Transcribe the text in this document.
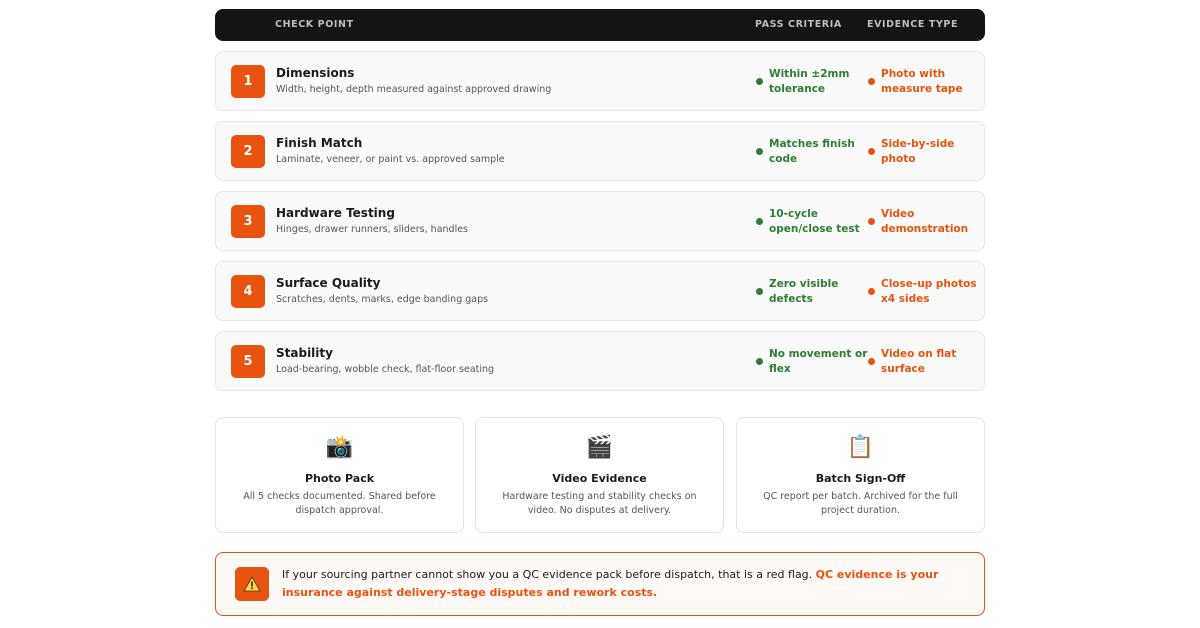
CHECK POINT	PASS CRITERIA	EVIDENCE TYPE
1
Dimensions
Width, height, depth measured against approved drawing
Within ±2mm tolerance
Photo with measure tape
2
Finish Match
Laminate, veneer, or paint vs. approved sample
Matches finish code
Side-by-side photo
3
Hardware Testing
Hinges, drawer runners, sliders, handles
10-cycle open/close test
Video demonstration
4
Surface Quality
Scratches, dents, marks, edge banding gaps
Zero visible defects
Close-up photos x4 sides
5
Stability
Load-bearing, wobble check, flat-floor seating
No movement or flex
Video on flat surface
📸
Photo Pack
All 5 checks documented. Shared before dispatch approval.
🎬
Video Evidence
Hardware testing and stability checks on video. No disputes at delivery.
📋
Batch Sign-Off
QC report per batch. Archived for the full project duration.
If your sourcing partner cannot show you a QC evidence pack before dispatch, that is a red flag. QC evidence is your insurance against delivery-stage disputes and rework costs.
